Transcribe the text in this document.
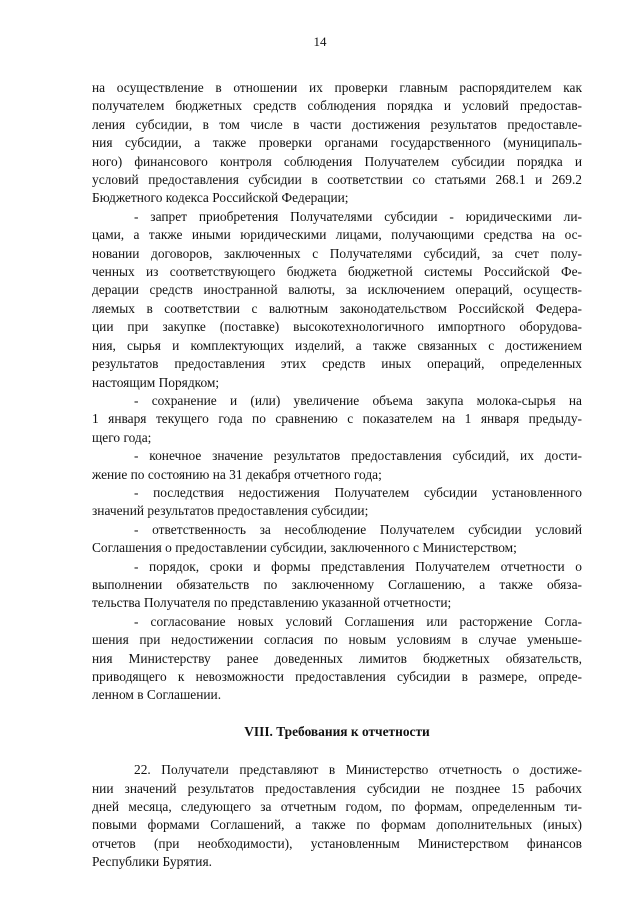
14
на осуществление в отношении их проверки главным распорядителем как
получателем бюджетных средств соблюдения порядка и условий предостав-
ления субсидии, в том числе в части достижения результатов предоставле-
ния субсидии, а также проверки органами государственного (муниципаль-
ного) финансового контроля соблюдения Получателем субсидии порядка и
условий предоставления субсидии в соответствии со статьями 268.1 и 269.2
Бюджетного кодекса Российской Федерации;
- запрет приобретения Получателями субсидии - юридическими ли-
цами, а также иными юридическими лицами, получающими средства на ос-
новании договоров, заключенных с Получателями субсидий, за счет полу-
ченных из соответствующего бюджета бюджетной системы Российской Фе-
дерации средств иностранной валюты, за исключением операций, осуществ-
ляемых в соответствии с валютным законодательством Российской Федера-
ции при закупке (поставке) высокотехнологичного импортного оборудова-
ния, сырья и комплектующих изделий, а также связанных с достижением
результатов предоставления этих средств иных операций, определенных
настоящим Порядком;
- сохранение и (или) увеличение объема закупа молока-сырья на
1 января текущего года по сравнению с показателем на 1 января предыду-
щего года;
- конечное значение результатов предоставления субсидий, их дости-
жение по состоянию на 31 декабря отчетного года;
- последствия недостижения Получателем субсидии установленного
значений результатов предоставления субсидии;
- ответственность за несоблюдение Получателем субсидии условий
Соглашения о предоставлении субсидии, заключенного с Министерством;
- порядок, сроки и формы представления Получателем отчетности о
выполнении обязательств по заключенному Соглашению, а также обяза-
тельства Получателя по представлению указанной отчетности;
- согласование новых условий Соглашения или расторжение Согла-
шения при недостижении согласия по новым условиям в случае уменьше-
ния Министерству ранее доведенных лимитов бюджетных обязательств,
приводящего к невозможности предоставления субсидии в размере, опреде-
ленном в Соглашении.
VIII. Требования к отчетности
22. Получатели представляют в Министерство отчетность о достиже-
нии значений результатов предоставления субсидии не позднее 15 рабочих
дней месяца, следующего за отчетным годом, по формам, определенным ти-
повыми формами Соглашений, а также по формам дополнительных (иных)
отчетов (при необходимости), установленным Министерством финансов
Республики Бурятия.
